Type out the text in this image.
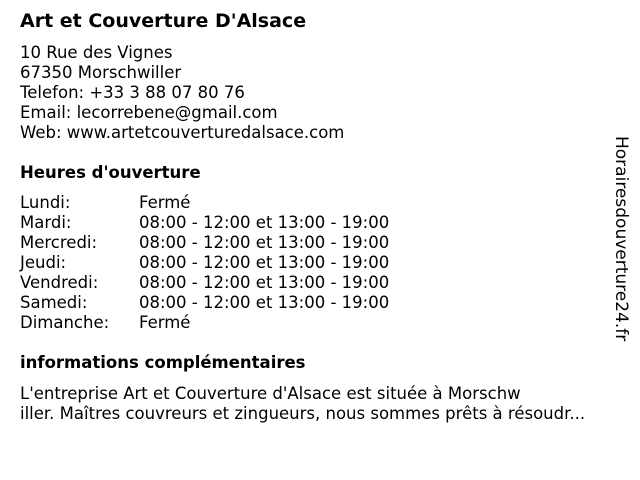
Art et Couverture D'Alsace
10 Rue des Vignes
67350 Morschwiller
Telefon: +33 3 88 07 80 76
Email: lecorrebene@gmail.com
Web: www.artetcouverturedalsace.com
Heures d'ouverture
Lundi:	Fermé
Mardi:	08:00 - 12:00 et 13:00 - 19:00
Mercredi:	08:00 - 12:00 et 13:00 - 19:00
Jeudi:	08:00 - 12:00 et 13:00 - 19:00
Vendredi: 08:00 - 12:00 et 13:00 - 19:00
Samedi:	08:00 - 12:00 et 13:00 - 19:00
Dimanche: Fermé
informations complémentaires
L'entreprise Art et Couverture d'Alsace est située à Morschw
iller. Maîtres couvreurs et zingueurs, nous sommes prêts à résoudr...
Horairesdouverture24.fr
